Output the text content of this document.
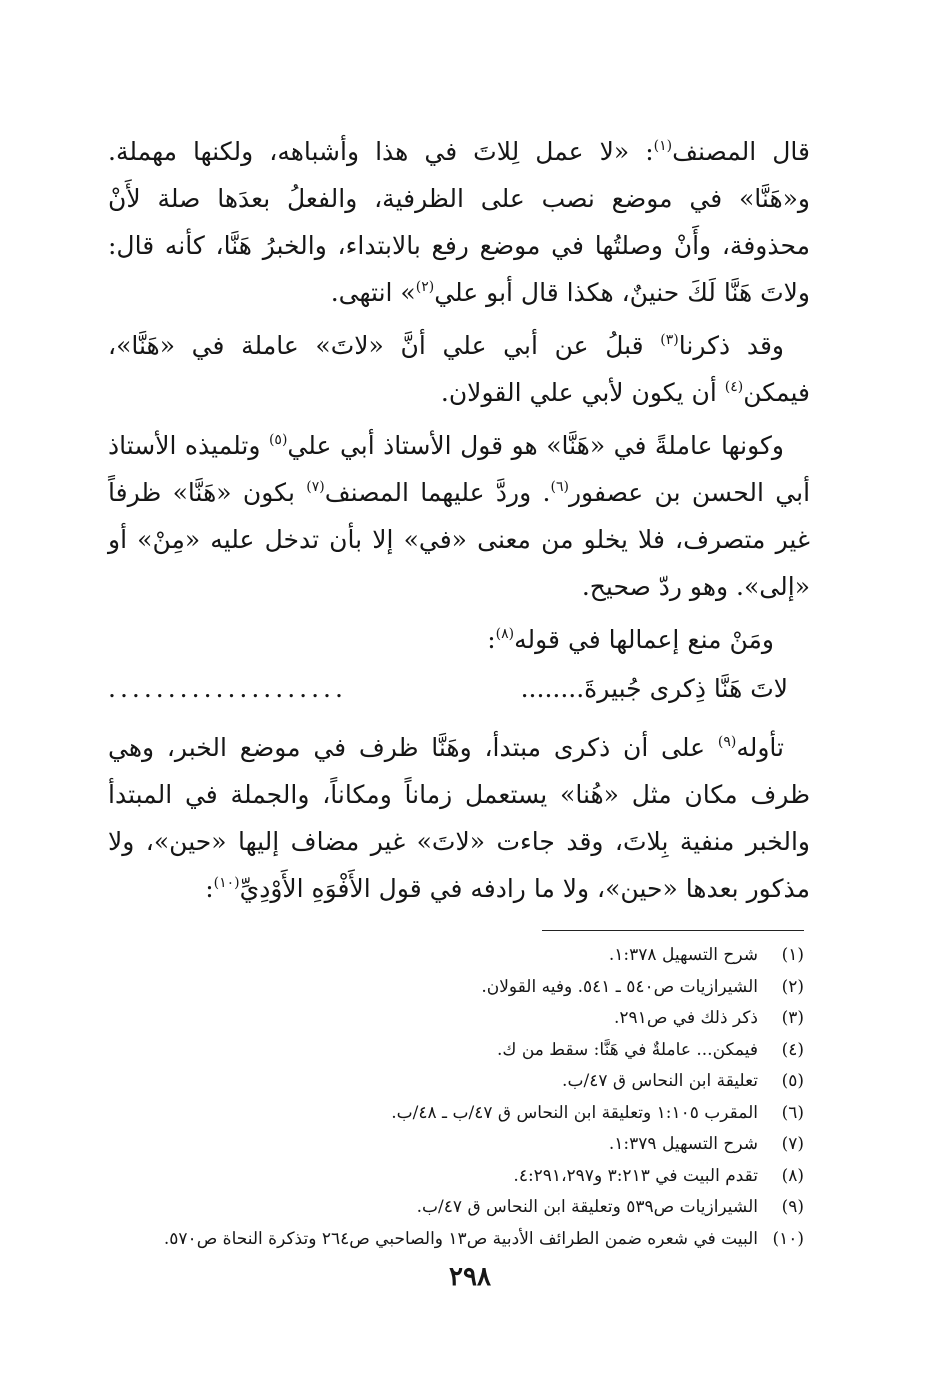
قال المصنف$^{(١)}$: «لا عمل لِلاتَ في هذا وأشباهه، ولكنها مهملة. و«هَنَّا» في موضع نصب على الظرفية، والفعلُ بعدَها صلة لأَنْ محذوفة، وأَنْ وصلتُها في موضع رفع بالابتداء، والخبرُ هَنَّا، كأنه قال: ولاتَ هَنَّا لَكَ حنينٌ، هكذا قال أبو علي$^{(٢)}$» انتهى.

وقد ذكرنا$^{(٣)}$ قبلُ عن أبي علي أنَّ «لاتَ» عاملة في «هَنَّا»، فيمكن$^{(٤)}$ أن يكون لأبي علي القولان.

وكونها عاملةً في «هَنَّا» هو قول الأستاذ أبي علي$^{(٥)}$ وتلميذه الأستاذ أبي الحسن بن عصفور$^{(٦)}$. وردَّ عليهما المصنف$^{(٧)}$ بكون «هَنَّا» ظرفاً غير متصرف، فلا يخلو من معنى «في» إلا بأن تدخل عليه «مِنْ» أو «إلى». وهو ردّ صحيح.

ومَنْ منع إعمالها في قوله$^{(٨)}$:

لاتَ هَنَّا ذِكرى جُبيرةَ........
....................

تأوله$^{(٩)}$ على أن ذكرى مبتدأ، وهَنَّا ظرف في موضع الخبر، وهي ظرف مكان مثل «هُنا» يستعمل زماناً ومكاناً، والجملة في المبتدأ والخبر منفية بِلاتَ، وقد جاءت «لاتَ» غير مضاف إليها «حين»، ولا مذكور بعدها «حين»، ولا ما رادفه في قول الأَفْوَهِ الأَوْدِيِّ$^{(١٠)}$:

(١)
شرح التسهيل ١:٣٧٨.
(٢)
الشيرازيات ص٥٤٠ ـ ٥٤١. وفيه القولان.
(٣)
ذكر ذلك في ص٢٩١.
(٤)
فيمكن... عاملةٌ في هَنَّا: سقط من ك.
(٥)
تعليقة ابن النحاس ق ٤٧/ب.
(٦)
المقرب ١:١٠٥ وتعليقة ابن النحاس ق ٤٧/ب ـ ٤٨/ب.
(٧)
شرح التسهيل ١:٣٧٩.
(٨)
تقدم البيت في ٣:٢١٣ و٤:٢٩١،٢٩٧.
(٩)
الشيرازيات ص٥٣٩ وتعليقة ابن النحاس ق ٤٧/ب.
(١٠)
البيت في شعره ضمن الطرائف الأدبية ص١٣ والصاحبي ص٢٦٤ وتذكرة النحاة ص٥٧٠.
٢٩٨
